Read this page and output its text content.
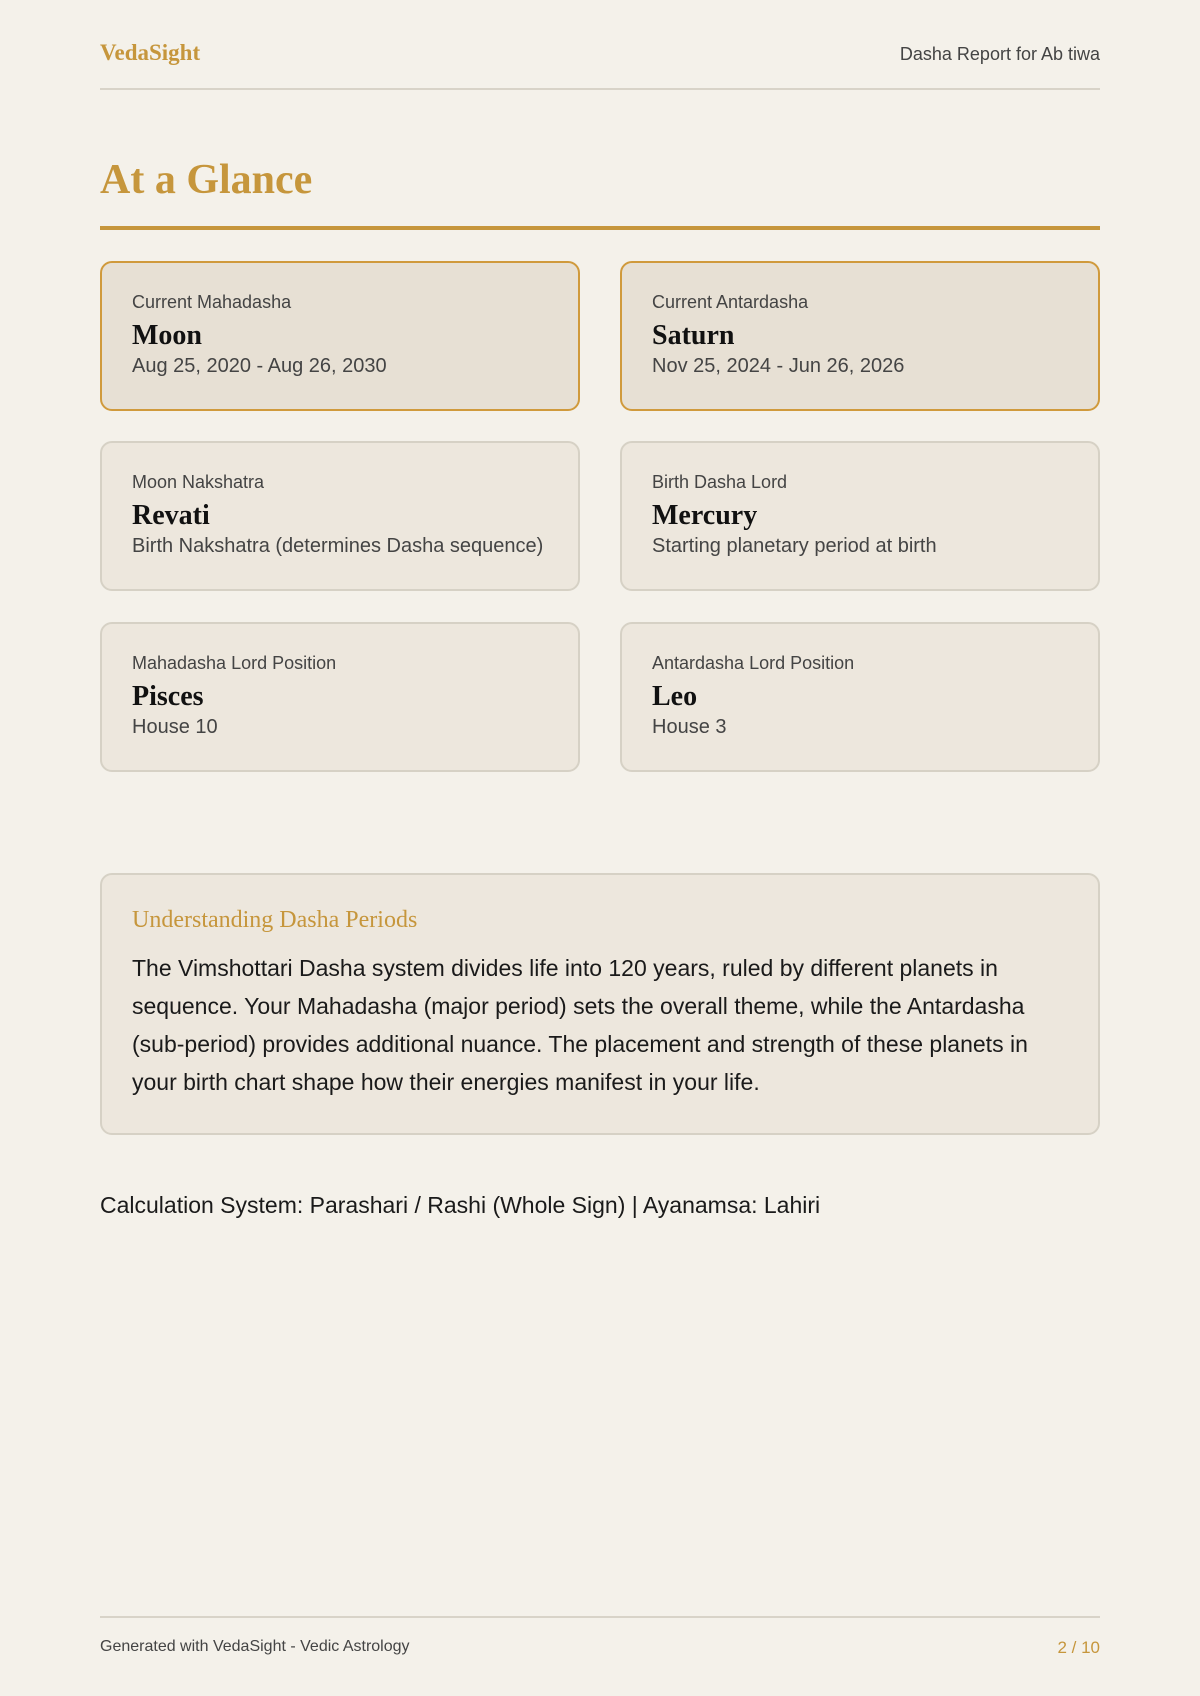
VedaSight	Dasha Report for Ab tiwa
At a Glance
Current Mahadasha
Moon
Aug 25, 2020 - Aug 26, 2030
Current Antardasha
Saturn
Nov 25, 2024 - Jun 26, 2026
Moon Nakshatra
Revati
Birth Nakshatra (determines Dasha sequence)
Birth Dasha Lord
Mercury
Starting planetary period at birth
Mahadasha Lord Position
Pisces
House 10
Antardasha Lord Position
Leo
House 3
Understanding Dasha Periods
The Vimshottari Dasha system divides life into 120 years, ruled by different planets in sequence. Your Mahadasha (major period) sets the overall theme, while the Antardasha (sub-period) provides additional nuance. The placement and strength of these planets in your birth chart shape how their energies manifest in your life.
Calculation System: Parashari / Rashi (Whole Sign) | Ayanamsa: Lahiri
Generated with VedaSight - Vedic Astrology	2 / 10
